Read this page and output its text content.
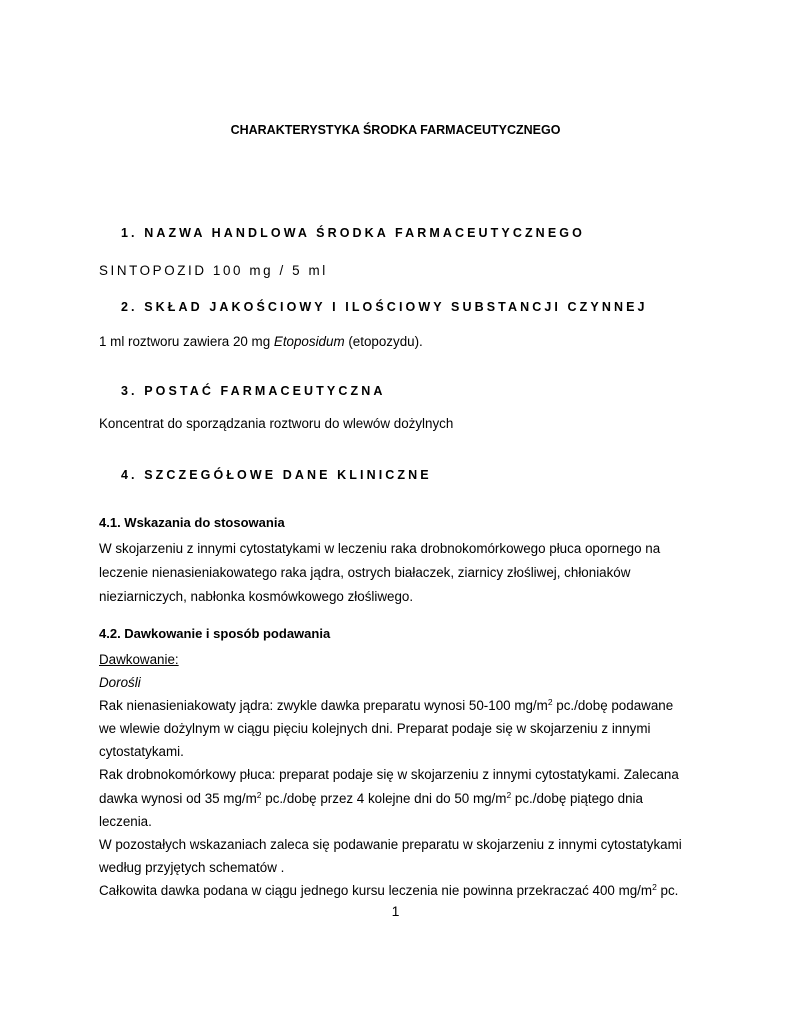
CHARAKTERYSTYKA ŚRODKA FARMACEUTYCZNEGO
1. NAZWA HANDLOWA ŚRODKA FARMACEUTYCZNEGO
SINTOPOZID 100 mg / 5 ml
2. SKŁAD JAKOŚCIOWY I ILOŚCIOWY SUBSTANCJI CZYNNEJ
1 ml roztworu zawiera 20 mg Etoposidum (etopozydu).
3. POSTAĆ FARMACEUTYCZNA
Koncentrat do sporządzania roztworu do wlewów dożylnych
4. SZCZEGÓŁOWE DANE KLINICZNE
4.1. Wskazania do stosowania
W skojarzeniu z innymi cytostatykami w leczeniu raka drobnokomórkowego płuca opornego na
leczenie nienasieniakowatego raka jądra, ostrych białaczek, ziarnicy złośliwej, chłoniaków
nieziarniczych, nabłonka kosmówkowego złośliwego.
4.2. Dawkowanie i sposób podawania
Dawkowanie:
Dorośli
Rak nienasieniakowaty jądra: zwykle dawka preparatu wynosi 50-100 $mg/m^2$ pc./dobę podawane
we wlewie dożylnym w ciągu pięciu kolejnych dni. Preparat podaje się w skojarzeniu z innymi
cytostatykami.
Rak drobnokomórkowy płuca: preparat podaje się w skojarzeniu z innymi cytostatykami. Zalecana
dawka wynosi od 35 $mg/m^2$ pc./dobę przez 4 kolejne dni do 50 $mg/m^2$ pc./dobę piątego dnia
leczenia.
W pozostałych wskazaniach zaleca się podawanie preparatu w skojarzeniu z innymi cytostatykami
według przyjętych schematów .
Całkowita dawka podana w ciągu jednego kursu leczenia nie powinna przekraczać 400 $mg/m^2$ pc.
1
